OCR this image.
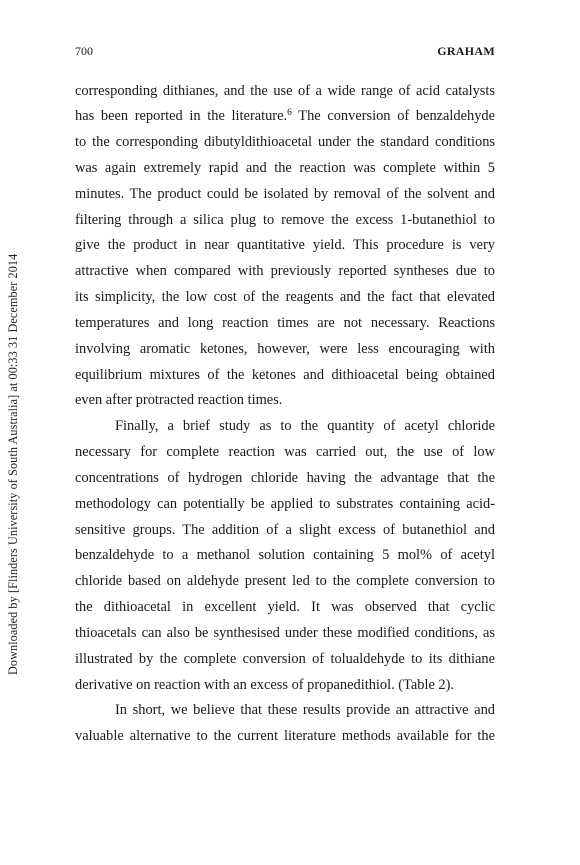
Downloaded by [Flinders University of South Australia] at 00:33 31 December 2014
700	GRAHAM
corresponding dithianes, and the use of a wide range of acid catalysts
has been reported in the literature.$^6$ The conversion of benzaldehyde
to the corresponding dibutyldithioacetal under the standard conditions
was again extremely rapid and the reaction was complete within 5
minutes. The product could be isolated by removal of the solvent and
filtering through a silica plug to remove the excess 1-butanethiol to
give the product in near quantitative yield. This procedure is very
attractive when compared with previously reported syntheses due to
its simplicity, the low cost of the reagents and the fact that elevated
temperatures and long reaction times are not necessary. Reactions
involving aromatic ketones, however, were less encouraging with
equilibrium mixtures of the ketones and dithioacetal being obtained
even after protracted reaction times.
Finally, a brief study as to the quantity of acetyl chloride
necessary for complete reaction was carried out, the use of low
concentrations of hydrogen chloride having the advantage that the
methodology can potentially be applied to substrates containing acid-
sensitive groups. The addition of a slight excess of butanethiol and
benzaldehyde to a methanol solution containing 5 mol% of acetyl
chloride based on aldehyde present led to the complete conversion to
the dithioacetal in excellent yield. It was observed that cyclic
thioacetals can also be synthesised under these modified conditions, as
illustrated by the complete conversion of tolualdehyde to its dithiane
derivative on reaction with an excess of propanedithiol. (Table 2).
In short, we believe that these results provide an attractive and
valuable alternative to the current literature methods available for the
